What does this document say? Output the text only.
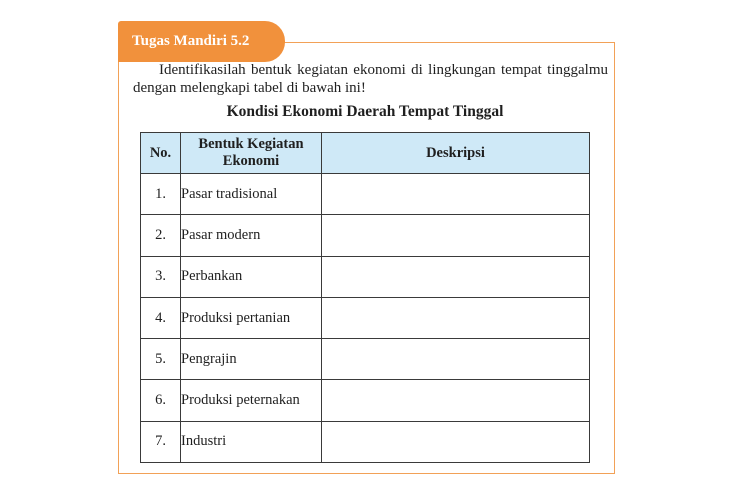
Tugas Mandiri 5.2

Identifikasilah bentuk kegiatan ekonomi di lingkungan tempat tinggalmu dengan melengkapi tabel di bawah ini!

Kondisi Ekonomi Daerah Tempat Tinggal

No.	Bentuk Kegiatan Ekonomi	Deskripsi
1.	Pasar tradisional	
2.	Pasar modern	
3.	Perbankan	
4.	Produksi pertanian	
5.	Pengrajin	
6.	Produksi peternakan	
7.	Industri	
